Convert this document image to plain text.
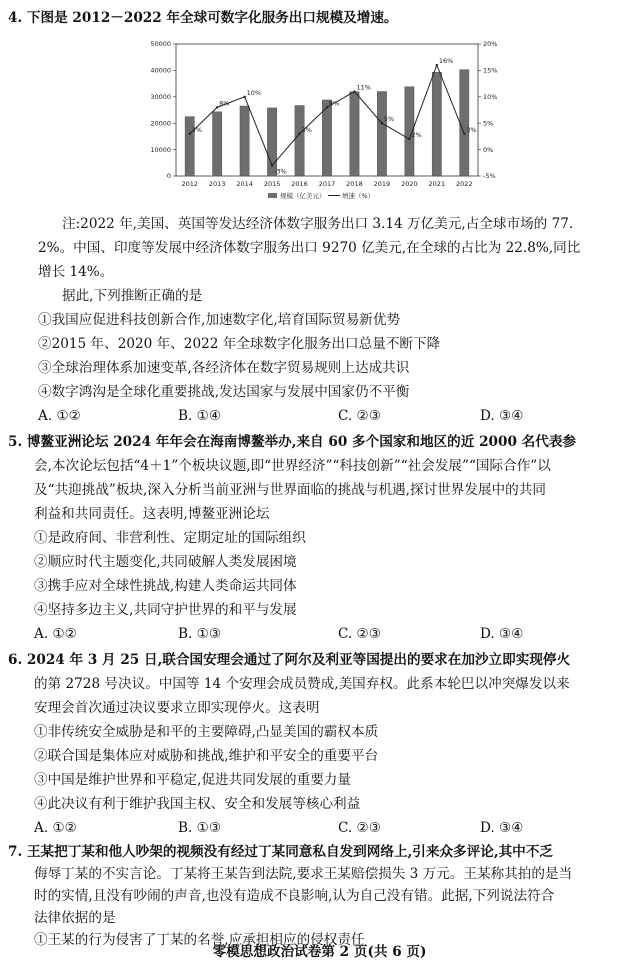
4. 下图是 2012－2022 年全球可数字化服务出口规模及增速。
0
10000
20000
30000
40000
50000
-5%
0%
5%
10%
15%
20%
2012 2013 2014 2015 2016 2017 2018 2019 2020 2021 2022
3%
8%
10%
-3%
3%
8%
11%
5%
2%
16%
3%
规模（亿美元）	增速（%）
注:2022 年,美国、英国等发达经济体数字服务出口 3.14 万亿美元,占全球市场的 77.
2%。中国、印度等发展中经济体数字服务出口 9270 亿美元,在全球的占比为 22.8%,同比
增长 14%。
据此,下列推断正确的是
①我国应促进科技创新合作,加速数字化,培育国际贸易新优势
②2015 年、2020 年、2022 年全球数字化服务出口总量不断下降
③全球治理体系加速变革,各经济体在数字贸易规则上达成共识
④数字鸿沟是全球化重要挑战,发达国家与发展中国家仍不平衡
A. ①②	B. ①④	C. ②③	D. ③④
5. 博鳌亚洲论坛 2024 年年会在海南博鳌举办,来自 60 多个国家和地区的近 2000 名代表参
会,本次论坛包括“4＋1”个板块议题,即“世界经济”“科技创新”“社会发展”“国际合作”以
及“共迎挑战”板块,深入分析当前亚洲与世界面临的挑战与机遇,探讨世界发展中的共同
利益和共同责任。这表明,博鳌亚洲论坛
①是政府间、非营利性、定期定址的国际组织
②顺应时代主题变化,共同破解人类发展困境
③携手应对全球性挑战,构建人类命运共同体
④坚持多边主义,共同守护世界的和平与发展
A. ①②	B. ①③	C. ②③	D. ③④
6. 2024 年 3 月 25 日,联合国安理会通过了阿尔及利亚等国提出的要求在加沙立即实现停火
的第 2728 号决议。中国等 14 个安理会成员赞成,美国弃权。此系本轮巴以冲突爆发以来
安理会首次通过决议要求立即实现停火。这表明
①非传统安全威胁是和平的主要障碍,凸显美国的霸权本质
②联合国是集体应对威胁和挑战,维护和平安全的重要平台
③中国是维护世界和平稳定,促进共同发展的重要力量
④此决议有利于维护我国主权、安全和发展等核心利益
A. ①②	B. ①③	C. ②③	D. ③④
7. 王某把丁某和他人吵架的视频没有经过丁某同意私自发到网络上,引来众多评论,其中不乏
侮辱丁某的不实言论。丁某将王某告到法院,要求王某赔偿损失 3 万元。王某称其拍的是当
时的实情,且没有吵闹的声音,也没有造成不良影响,认为自己没有错。此据,下列说法符合
法律依据的是
零模思想政治试卷第 2 页(共 6 页)
①王某的行为侵害了丁某的名誉,应承担相应的侵权责任
